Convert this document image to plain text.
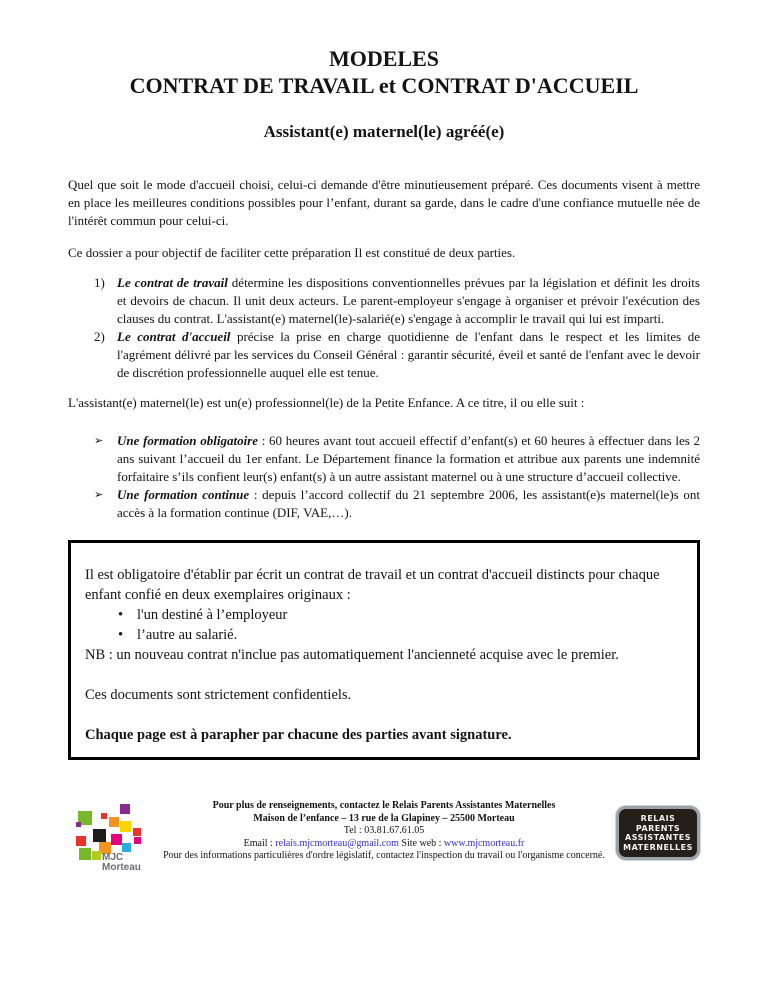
MODELES
CONTRAT DE TRAVAIL et CONTRAT D'ACCUEIL
Assistant(e) maternel(le) agréé(e)
Quel que soit le mode d'accueil choisi, celui-ci demande d'être minutieusement préparé. Ces documents visent à mettre en place les meilleures conditions possibles pour l’enfant, durant sa garde, dans le cadre d'une confiance mutuelle née de l'intérêt commun pour celui-ci.
Ce dossier a pour objectif de faciliter cette préparation Il est constitué de deux parties.
1) Le contrat de travail détermine les dispositions conventionnelles prévues par la législation et définit les droits et devoirs de chacun. Il unit deux acteurs. Le parent-employeur s'engage à organiser et prévoir l'exécution des clauses du contrat. L'assistant(e) maternel(le)-salarié(e) s'engage à accomplir le travail qui lui est imparti.
2) Le contrat d'accueil précise la prise en charge quotidienne de l'enfant dans le respect et les limites de l'agrément délivré par les services du Conseil Général : garantir sécurité, éveil et santé de l'enfant avec le devoir de discrétion professionnelle auquel elle est tenue.
L'assistant(e) maternel(le) est un(e) professionnel(le) de la Petite Enfance. A ce titre, il ou elle suit :
➢	Une formation obligatoire : 60 heures avant tout accueil effectif d’enfant(s) et 60 heures à effectuer dans les 2 ans suivant l’accueil du 1er enfant. Le Département finance la formation et attribue aux parents une indemnité forfaitaire s’ils confient leur(s) enfant(s) à un autre assistant maternel ou à une structure d’accueil collective.
➢	Une formation continue : depuis l’accord collectif du 21 septembre 2006, les assistant(e)s maternel(le)s ont accès à la formation continue (DIF, VAE,…).
Il est obligatoire d'établir par écrit un contrat de travail et un contrat d'accueil distincts pour chaque enfant confié en deux exemplaires originaux :
• l'un destiné à l’employeur
• l’autre au salarié.
NB : un nouveau contrat n'inclue pas automatiquement l'ancienneté acquise avec le premier.
Ces documents sont strictement confidentiels.
Chaque page est à parapher par chacune des parties avant signature.
MJC
Morteau
Pour plus de renseignements, contactez le Relais Parents Assistantes Maternelles
Maison de l’enfance – 13 rue de la Glapiney – 25500 Morteau
Tel : 03.81.67.61.05
Email : relais.mjcmorteau@gmail.com Site web : www.mjcmorteau.fr
Pour des informations particulières d'ordre législatif, contactez l'inspection du travail ou l'organisme concerné.
RELAIS
PARENTS
ASSISTANTES
MATERNELLES
